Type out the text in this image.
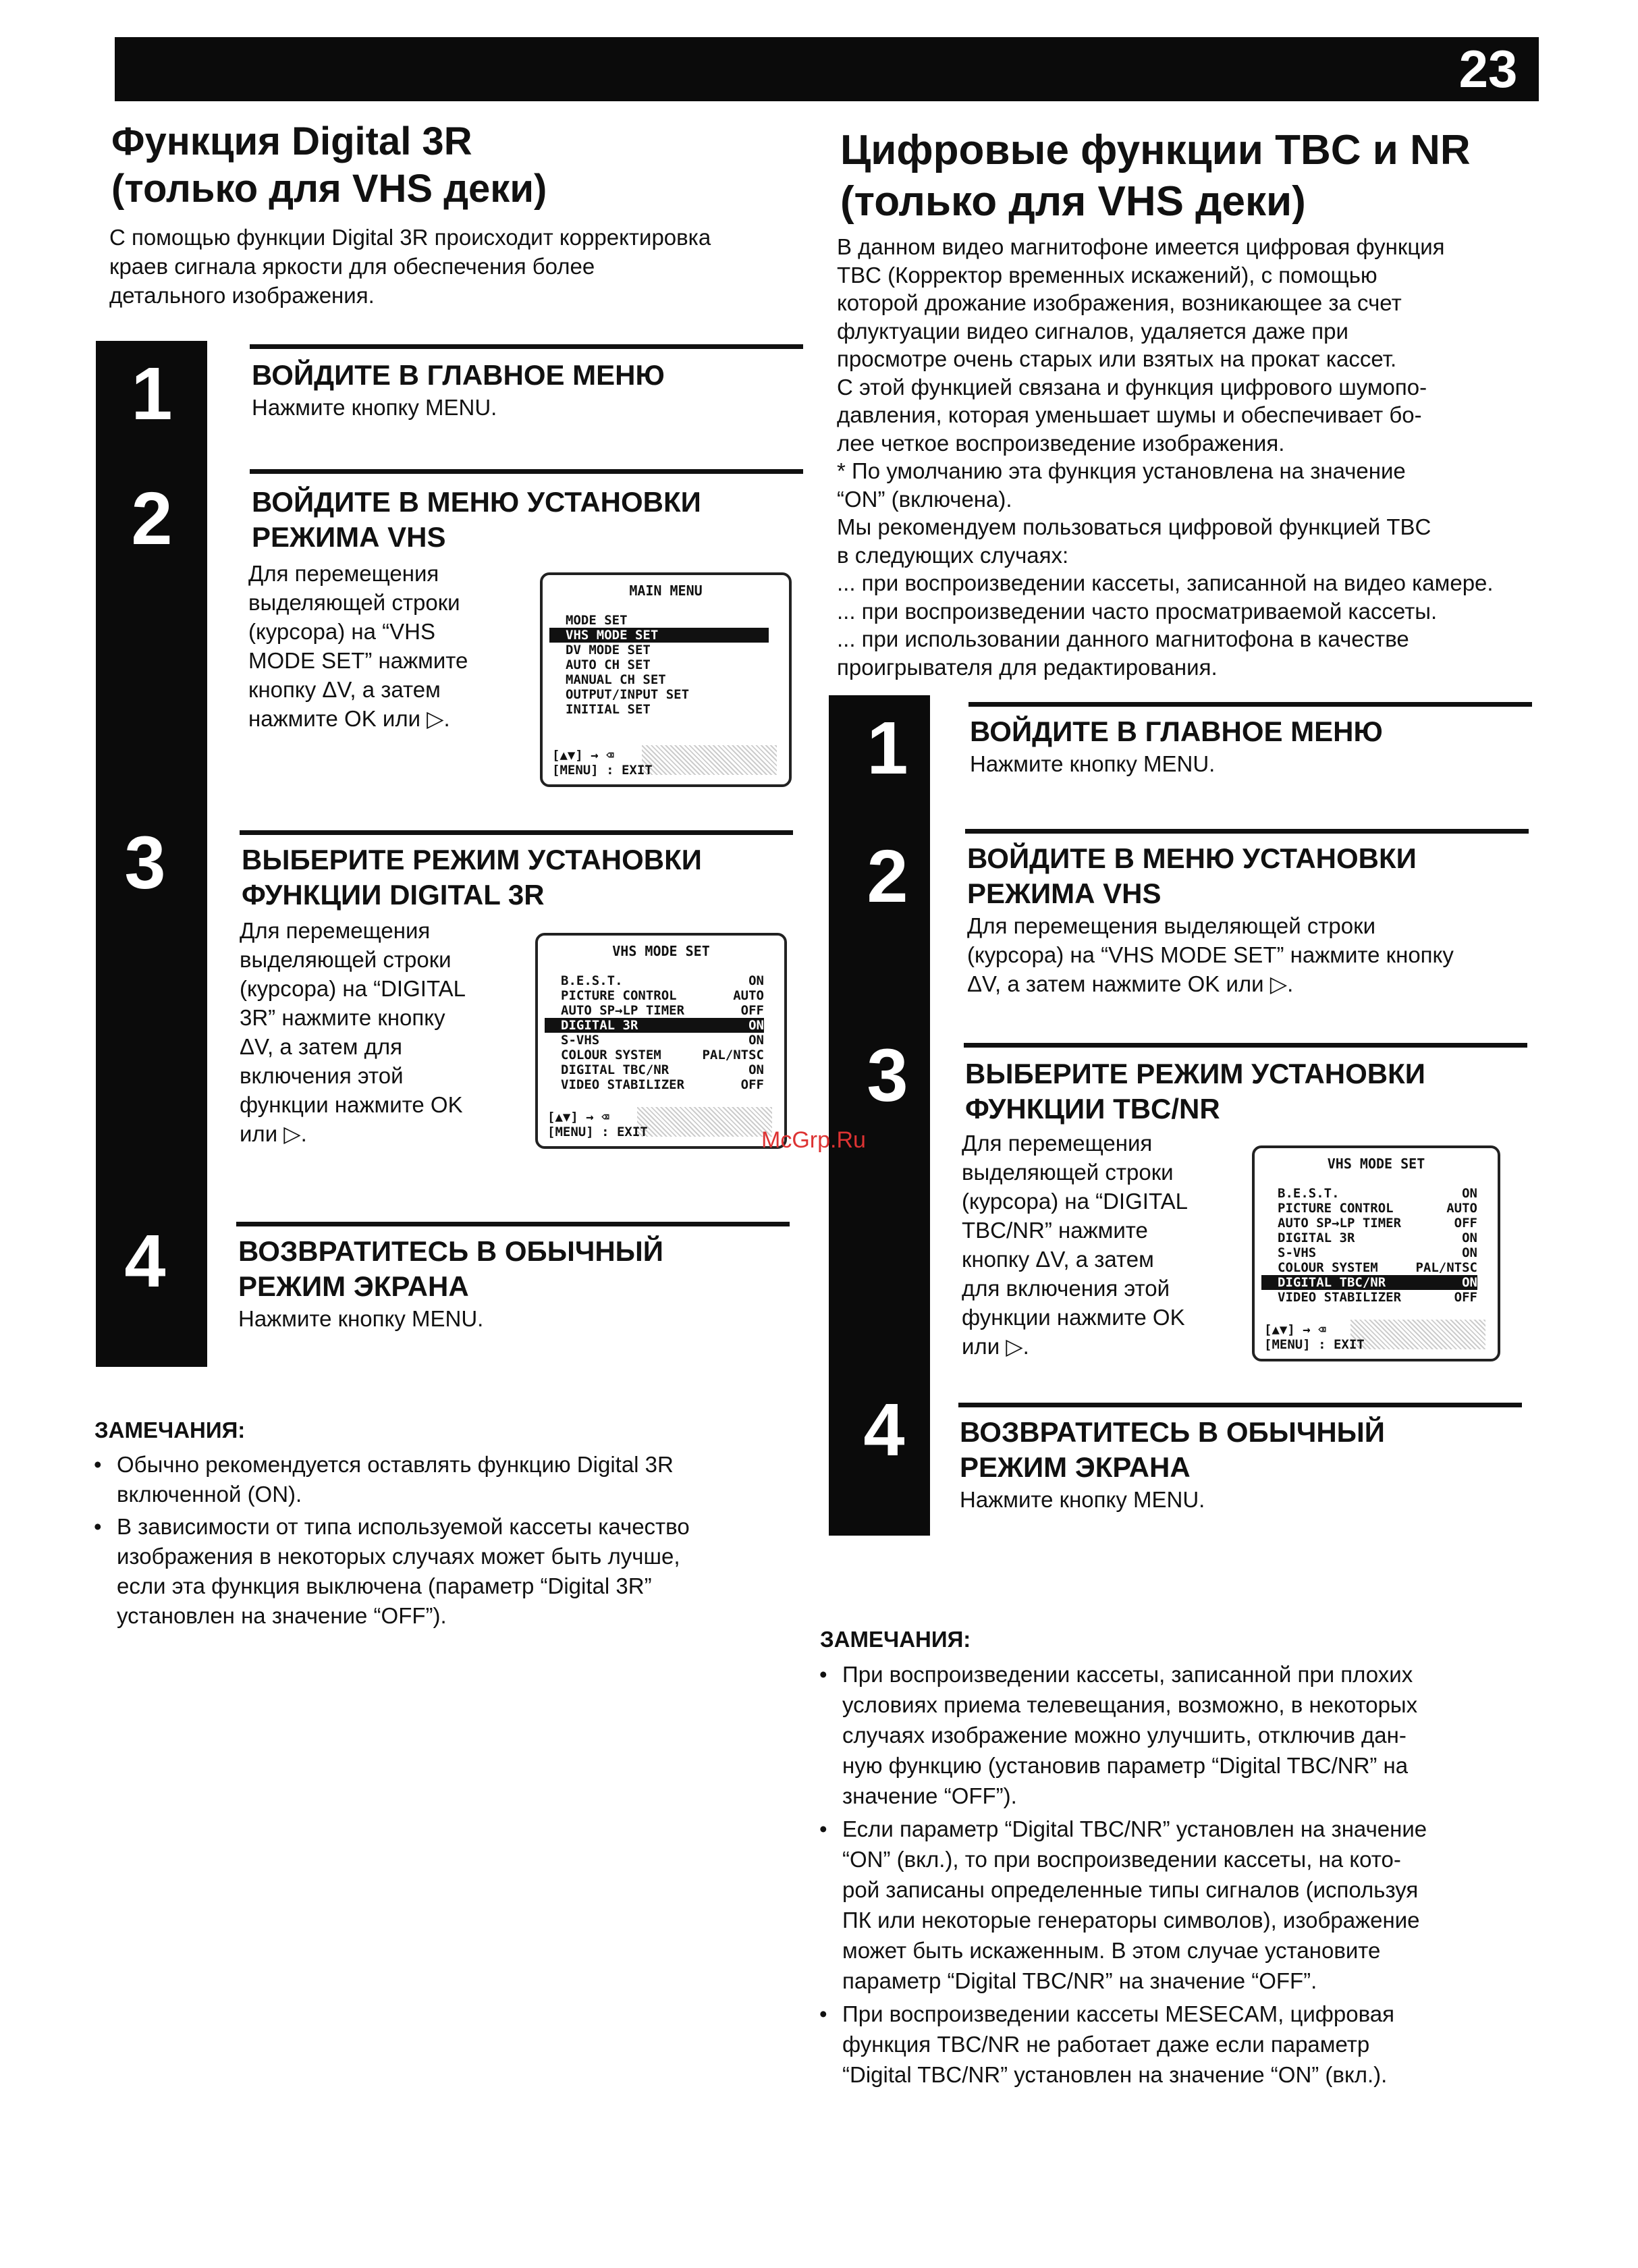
23
Функция Digital 3R
(только для VHS деки)
С помощью функции Digital 3R происходит корректировка
краев сигнала яркости для обеспечения более
детального изображения.
1
2
3
4
ВОЙДИТЕ В ГЛАВНОЕ МЕНЮ
Нажмите кнопку MENU.
ВОЙДИТЕ В МЕНЮ УСТАНОВКИ
РЕЖИМА VHS
Для перемещения
выделяющей строки
(курсора) на “VHS
MODE SET” нажмите
кнопку ΔV, а затем
нажмите OK или ▷.
MAIN MENU
MODE SET
VHS MODE SET
DV MODE SET
AUTO CH SET
MANUAL CH SET
OUTPUT/INPUT SET
INITIAL SET
[▲▼] → ⌫
[MENU] : EXIT
ВЫБЕРИТЕ РЕЖИМ УСТАНОВКИ
ФУНКЦИИ DIGITAL 3R
Для перемещения
выделяющей строки
(курсора) на “DIGITAL
3R” нажмите кнопку
ΔV, а затем для
включения этой
функции нажмите OK
или ▷.
VHS MODE SET
B.E.S.T.	ON
PICTURE CONTROL	AUTO
AUTO SP→LP TIMER	OFF
DIGITAL 3R	ON
S-VHS	ON
COLOUR SYSTEM	PAL/NTSC
DIGITAL TBC/NR	ON
VIDEO STABILIZER	OFF
[▲▼] → ⌫
[MENU] : EXIT
ВОЗВРАТИТЕСЬ В ОБЫЧНЫЙ
РЕЖИМ ЭКРАНА
Нажмите кнопку MENU.
ЗАМЕЧАНИЯ:
• Обычно рекомендуется оставлять функцию Digital 3R
включенной (ON).
• В зависимости от типа используемой кассеты качество
изображения в некоторых случаях может быть лучше,
если эта функция выключена (параметр “Digital 3R”
установлен на значение “OFF”).
Цифровые функции TBC и NR
(только для VHS деки)
В данном видео магнитофоне имеется цифровая функция
TBC (Корректор временных искажений), с помощью
которой дрожание изображения, возникающее за счет
флуктуации видео сигналов, удаляется даже при
просмотре очень старых или взятых на прокат кассет.
С этой функцией связана и функция цифрового шумопо-
давления, которая уменьшает шумы и обеспечивает бо-
лее четкое воспроизведение изображения.
* По умолчанию эта функция установлена на значение
“ON” (включена).
Мы рекомендуем пользоваться цифровой функцией TBC
в следующих случаях:
... при воспроизведении кассеты, записанной на видео камере.
... при воспроизведении часто просматриваемой кассеты.
... при использовании данного магнитофона в качестве
проигрывателя для редактирования.
1
2
3
4
ВОЙДИТЕ В ГЛАВНОЕ МЕНЮ
Нажмите кнопку MENU.
ВОЙДИТЕ В МЕНЮ УСТАНОВКИ
РЕЖИМА VHS
Для перемещения выделяющей строки
(курсора) на “VHS MODE SET” нажмите кнопку
ΔV, а затем нажмите OK или ▷.
ВЫБЕРИТЕ РЕЖИМ УСТАНОВКИ
ФУНКЦИИ TBC/NR
Для перемещения
выделяющей строки
(курсора) на “DIGITAL
TBC/NR” нажмите
кнопку ΔV, а затем
для включения этой
функции нажмите OK
или ▷.
VHS MODE SET
B.E.S.T.	ON
PICTURE CONTROL	AUTO
AUTO SP→LP TIMER	OFF
DIGITAL 3R	ON
S-VHS	ON
COLOUR SYSTEM	PAL/NTSC
DIGITAL TBC/NR	ON
VIDEO STABILIZER	OFF
[▲▼] → ⌫
[MENU] : EXIT
ВОЗВРАТИТЕСЬ В ОБЫЧНЫЙ
РЕЖИМ ЭКРАНА
Нажмите кнопку MENU.
ЗАМЕЧАНИЯ:
• При воспроизведении кассеты, записанной при плохих
условиях приема телевещания, возможно, в некоторых
случаях изображение можно улучшить, отключив дан-
ную функцию (установив параметр “Digital TBC/NR” на
значение “OFF”).
• Если параметр “Digital TBC/NR” установлен на значение
“ON” (вкл.), то при воспроизведении кассеты, на кото-
рой записаны определенные типы сигналов (используя
ПК или некоторые генераторы символов), изображение
может быть искаженным. В этом случае установите
параметр “Digital TBC/NR” на значение “OFF”.
• При воспроизведении кассеты MESECAM, цифровая
функция TBC/NR не работает даже если параметр
“Digital TBC/NR” установлен на значение “ON” (вкл.).
McGrp.Ru
